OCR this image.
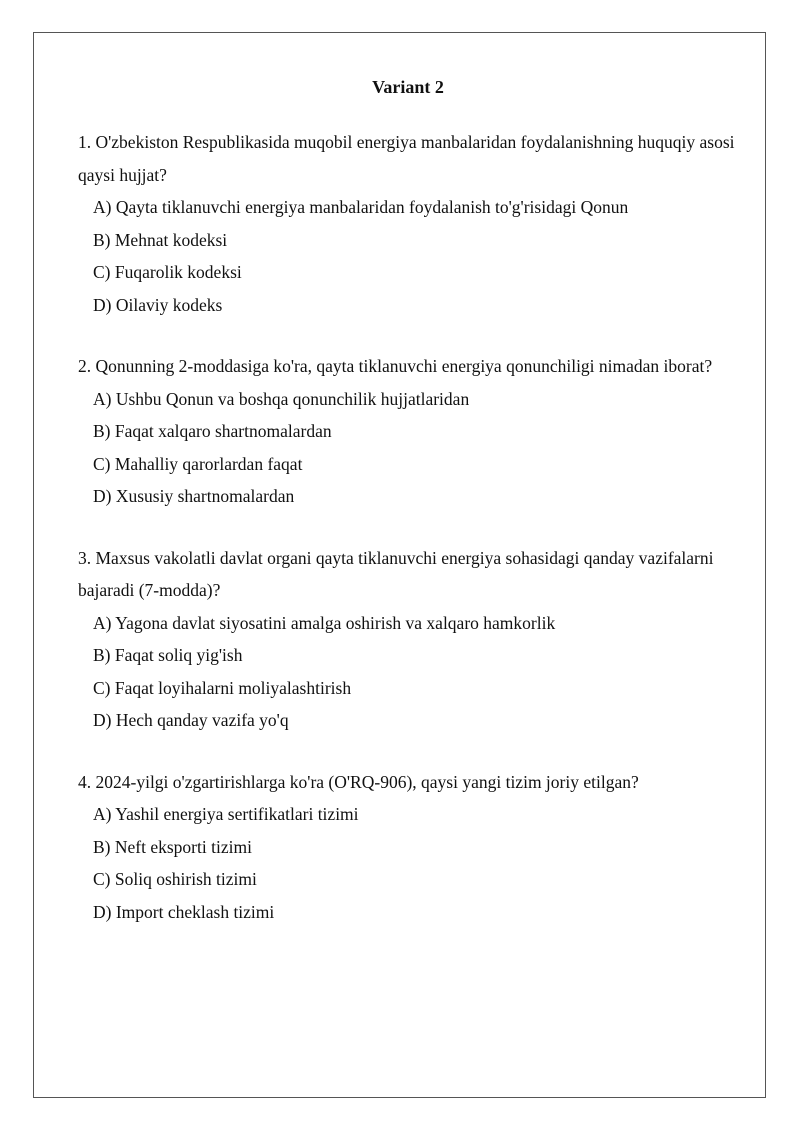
Variant 2

1. O'zbekiston Respublikasida muqobil energiya manbalaridan foydalanishning huquqiy asosi qaysi hujjat?

A) Qayta tiklanuvchi energiya manbalaridan foydalanish to'g'risidagi Qonun
B) Mehnat kodeksi
C) Fuqarolik kodeksi
D) Oilaviy kodeks

2. Qonunning 2-moddasiga ko'ra, qayta tiklanuvchi energiya qonunchiligi nimadan iborat?

A) Ushbu Qonun va boshqa qonunchilik hujjatlaridan
B) Faqat xalqaro shartnomalardan
C) Mahalliy qarorlardan faqat
D) Xususiy shartnomalardan

3. Maxsus vakolatli davlat organi qayta tiklanuvchi energiya sohasidagi qanday vazifalarni bajaradi (7-modda)?

A) Yagona davlat siyosatini amalga oshirish va xalqaro hamkorlik
B) Faqat soliq yig'ish
C) Faqat loyihalarni moliyalashtirish
D) Hech qanday vazifa yo'q

4. 2024-yilgi o'zgartirishlarga ko'ra (O'RQ-906), qaysi yangi tizim joriy etilgan?

A) Yashil energiya sertifikatlari tizimi
B) Neft eksporti tizimi
C) Soliq oshirish tizimi
D) Import cheklash tizimi
